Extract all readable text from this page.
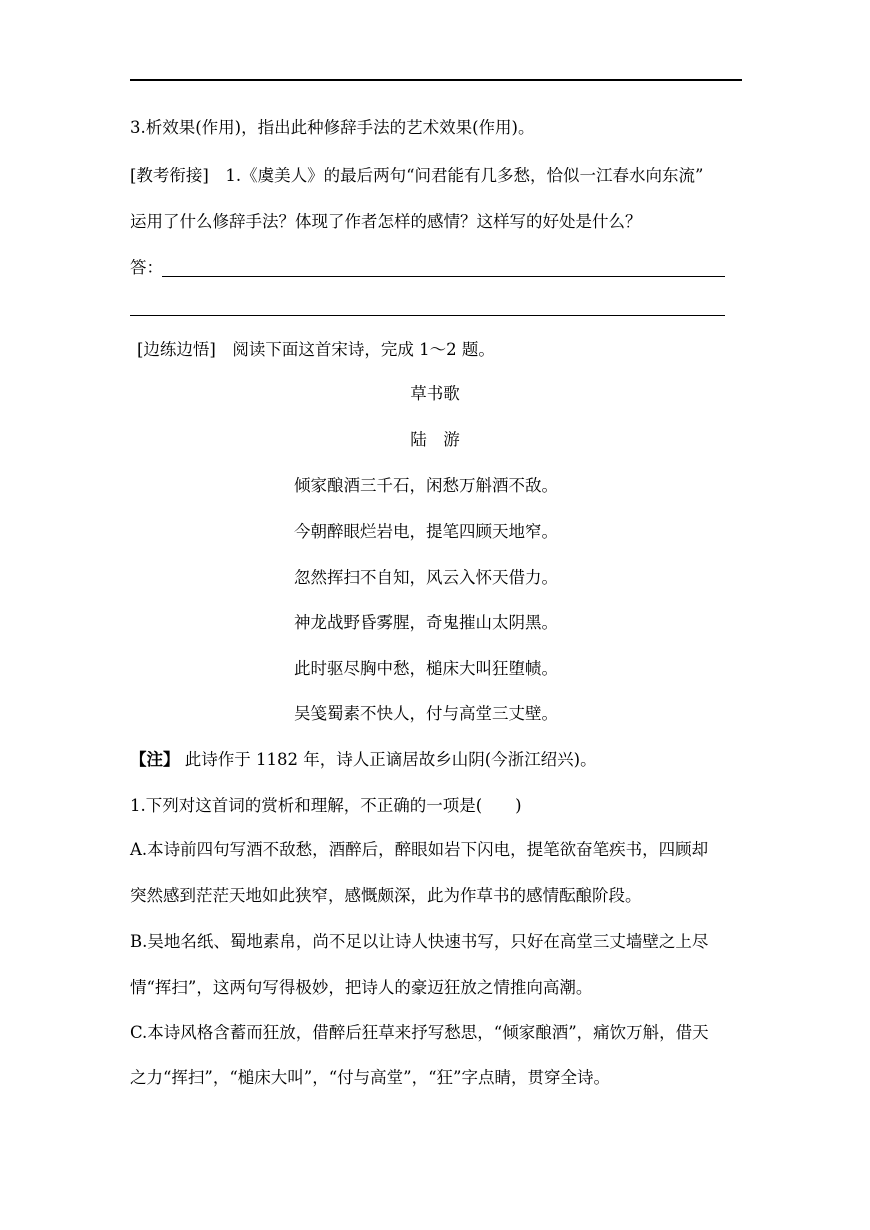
3.析效果(作用)，指出此种修辞手法的艺术效果(作用)。
[教考衔接]　1.《虞美人》的最后两句“问君能有几多愁，恰似一江春水向东流”
运用了什么修辞手法？体现了作者怎样的感情？这样写的好处是什么？
答：
[边练边悟]　阅读下面这首宋诗，完成 1～2 题。
草书歌
陆　游
倾家酿酒三千石，闲愁万斛酒不敌。
今朝醉眼烂岩电，提笔四顾天地窄。
忽然挥扫不自知，风云入怀天借力。
神龙战野昏雾腥，奇鬼摧山太阴黑。
此时驱尽胸中愁，槌床大叫狂堕帻。
吴笺蜀素不快人，付与高堂三丈壁。
【注】 此诗作于 1182 年，诗人正谪居故乡山阴(今浙江绍兴)。
1.下列对这首词的赏析和理解，不正确的一项是(　　)
A.本诗前四句写酒不敌愁，酒醉后，醉眼如岩下闪电，提笔欲奋笔疾书，四顾却
突然感到茫茫天地如此狭窄，感慨颇深，此为作草书的感情酝酿阶段。
B.吴地名纸、蜀地素帛，尚不足以让诗人快速书写，只好在高堂三丈墙壁之上尽
情“挥扫”，这两句写得极妙，把诗人的豪迈狂放之情推向高潮。
C.本诗风格含蓄而狂放，借醉后狂草来抒写愁思，“倾家酿酒”，痛饮万斛，借天
之力“挥扫”，“槌床大叫”，“付与高堂”，“狂”字点睛，贯穿全诗。
